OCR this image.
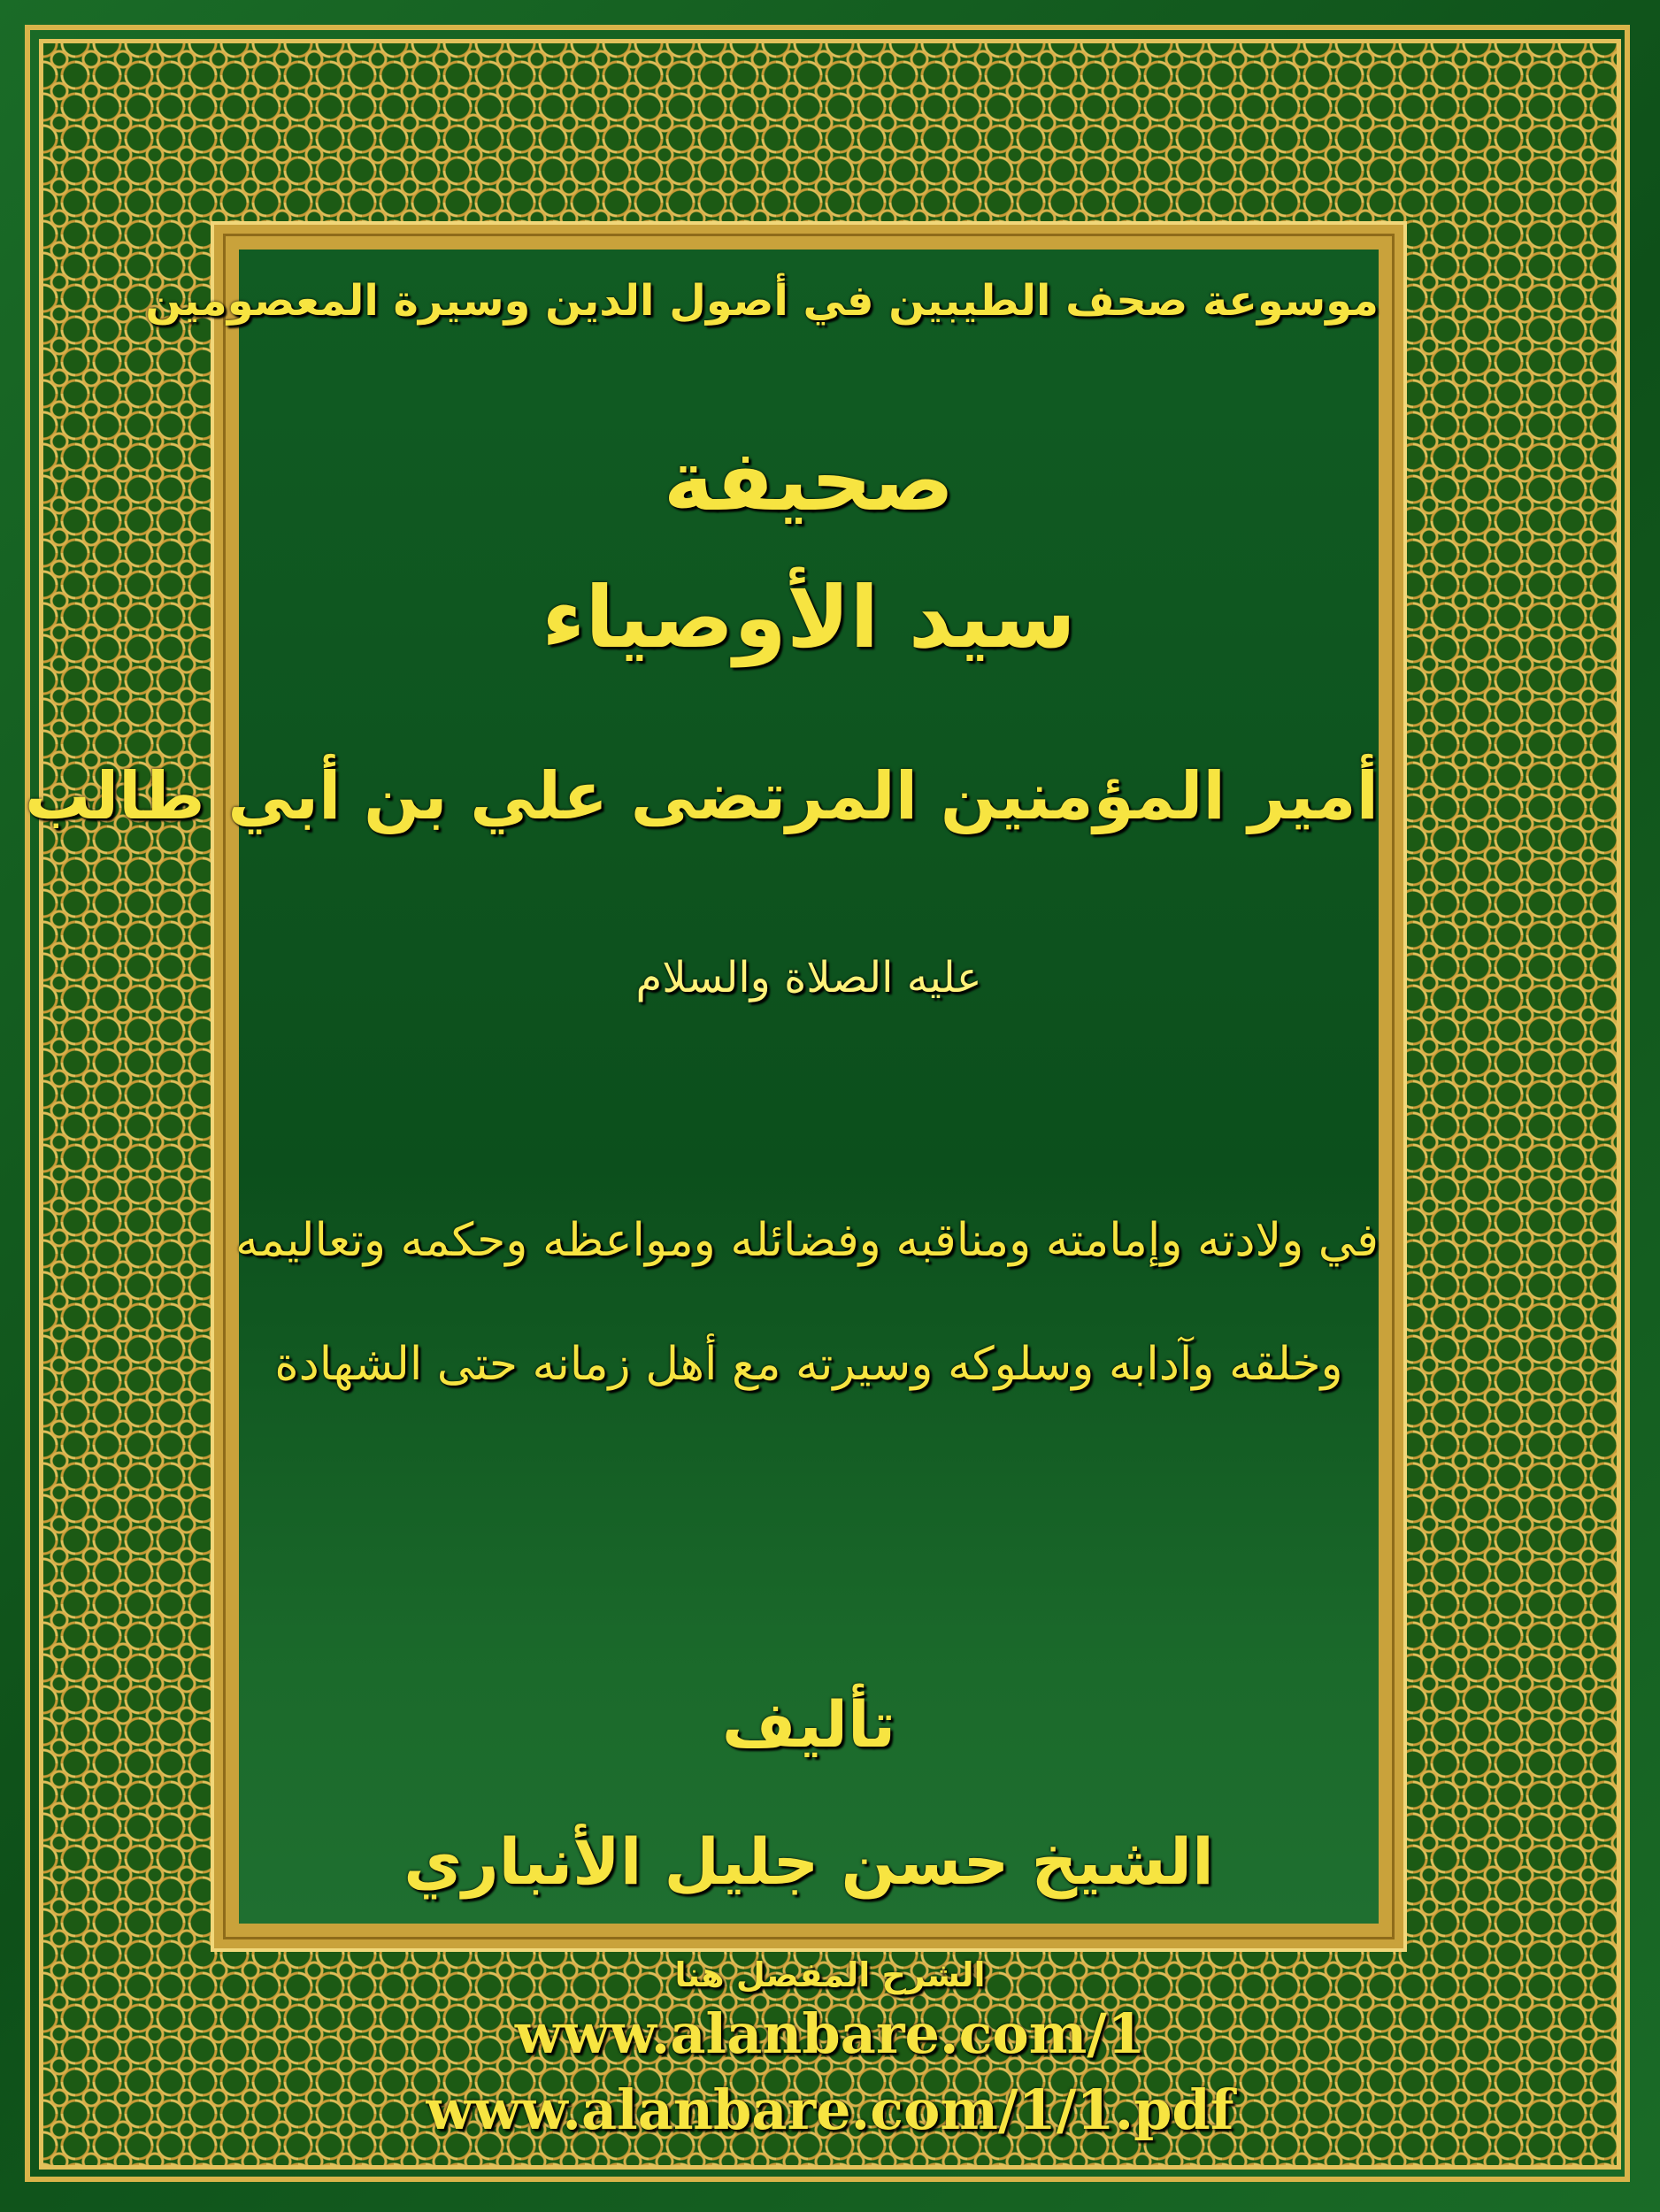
موسوعة صحف الطيبين في أصول الدين وسيرة المعصومين
صحيفة
سيد الأوصياء
أمير المؤمنين المرتضى علي بن أبي طالب
عليه الصلاة والسلام
في ولادته وإمامته ومناقبه وفضائله ومواعظه وحكمه وتعاليمه
وخلقه وآدابه وسلوكه وسيرته مع أهل زمانه حتى الشهادة
تأليف
الشيخ حسن جليل الأنباري
الشرح المفصل هنا
www.alanbare.com/1
www.alanbare.com/1/1.pdf
